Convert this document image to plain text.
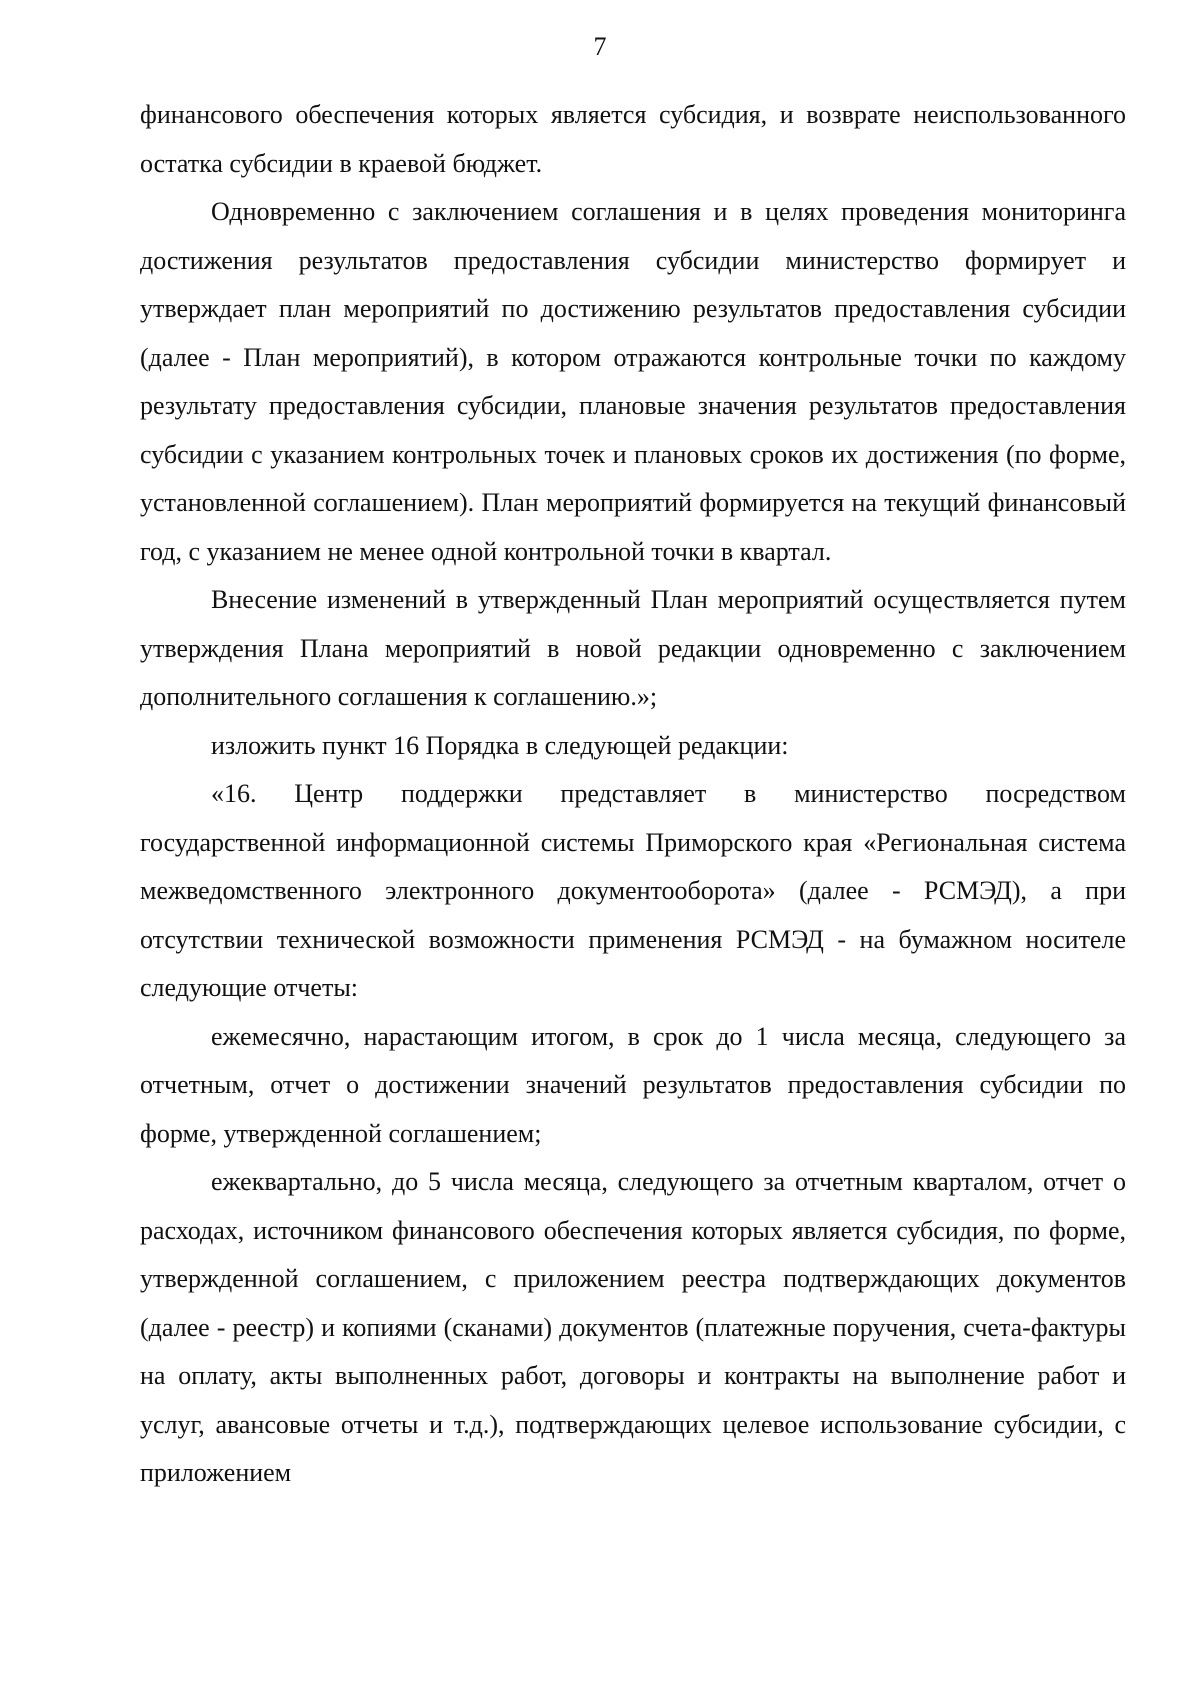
7

финансового обеспечения которых является субсидия, и возврате неиспользованного остатка субсидии в краевой бюджет.

Одновременно с заключением соглашения и в целях проведения мониторинга достижения результатов предоставления субсидии министерство формирует и утверждает план мероприятий по достижению результатов предоставления субсидии (далее - План мероприятий), в котором отражаются контрольные точки по каждому результату предоставления субсидии, плановые значения результатов предоставления субсидии с указанием контрольных точек и плановых сроков их достижения (по форме, установленной соглашением). План мероприятий формируется на текущий финансовый год, с указанием не менее одной контрольной точки в квартал.

Внесение изменений в утвержденный План мероприятий осуществляется путем утверждения Плана мероприятий в новой редакции одновременно с заключением дополнительного соглашения к соглашению.»;

изложить пункт 16 Порядка в следующей редакции:

«16. Центр поддержки представляет в министерство посредством государственной информационной системы Приморского края «Региональная система межведомственного электронного документооборота» (далее - РСМЭД), а при отсутствии технической возможности применения РСМЭД - на бумажном носителе следующие отчеты:

ежемесячно, нарастающим итогом, в срок до 1 числа месяца, следующего за отчетным, отчет о достижении значений результатов предоставления субсидии по форме, утвержденной соглашением;

ежеквартально, до 5 числа месяца, следующего за отчетным кварталом, отчет о расходах, источником финансового обеспечения которых является субсидия, по форме, утвержденной соглашением, с приложением реестра подтверждающих документов (далее - реестр) и копиями (сканами) документов (платежные поручения, счета-фактуры на оплату, акты выполненных работ, договоры и контракты на выполнение работ и услуг, авансовые отчеты и т.д.), подтверждающих целевое использование субсидии, с приложением
